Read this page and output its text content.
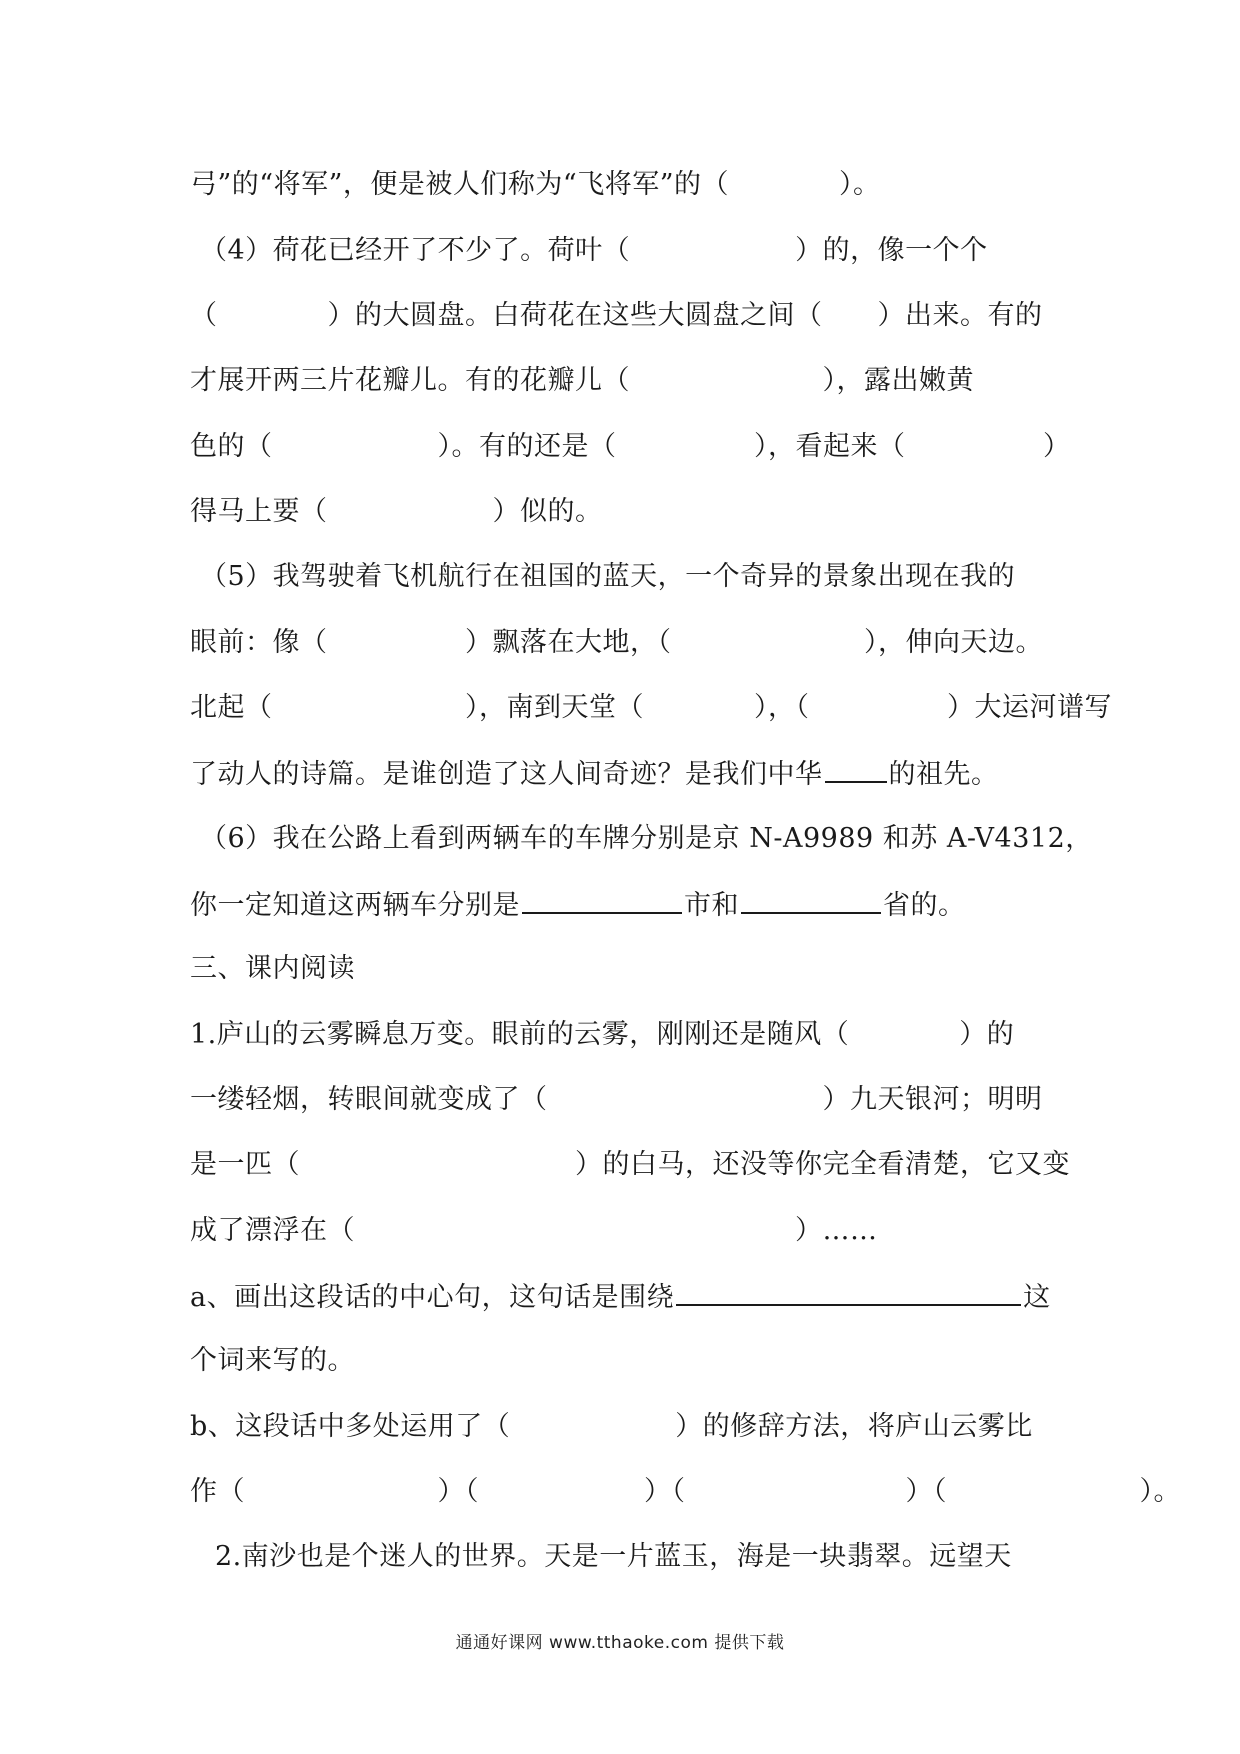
弓”的“将军”，便是被人们称为“飞将军”的（　　　　）。
（4）荷花已经开了不少了。荷叶（　　　　　　）的，像一个个
（　　　　）的大圆盘。白荷花在这些大圆盘之间（　　）出来。有的
才展开两三片花瓣儿。有的花瓣儿（　　　　　　　），露出嫩黄
色的（　　　　　　）。有的还是（　　　　　），看起来（　　　　　）
得马上要（　　　　　　）似的。
（5）我驾驶着飞机航行在祖国的蓝天，一个奇异的景象出现在我的
眼前：像（　　　　　）飘落在大地，（　　　　　　　），伸向天边。
北起（　　　　　　　），南到天堂（　　　　），（　　　　　）大运河谱写
了动人的诗篇。是谁创造了这人间奇迹？是我们中华 的祖先。
（6）我在公路上看到两辆车的车牌分别是京 N-A9989 和苏 A-V4312，
你一定知道这两辆车分别是	市和	省的。
三、课内阅读
1.庐山的云雾瞬息万变。眼前的云雾，刚刚还是随风（　　　　）的
一缕轻烟，转眼间就变成了（　　　　　　　　　　）九天银河；明明
是一匹（　　　　　　　　　　）的白马，还没等你完全看清楚，它又变
成了漂浮在（　　　　　　　　　　　　　　　　）……
a、画出这段话的中心句，这句话是围绕	这
个词来写的。
b、这段话中多处运用了（　　　　　　）的修辞方法，将庐山云雾比
作（　　　　　　　）（　　　　　　）（　　　　　　　　）（　　　　　　　）。
2.南沙也是个迷人的世界。天是一片蓝玉，海是一块翡翠。远望天
通通好课网 www.tthaoke.com 提供下载
